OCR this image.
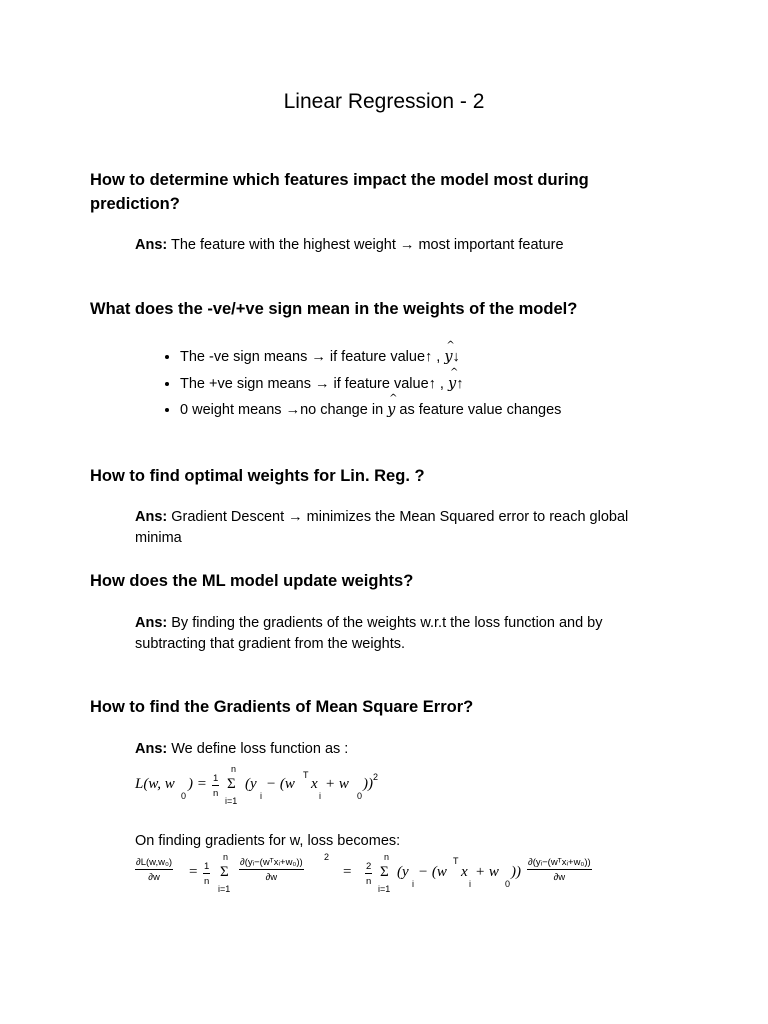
Linear Regression - 2
How to determine which features impact the model most during prediction?
Ans: The feature with the highest weight → most important feature
What does the -ve/+ve sign mean in the weights of the model?
• The -ve sign means → if feature value↑ ,
^
y↓
• The +ve sign means → if feature value↑ ,
^
y↑
• 0 weight means →no change in
^
y as feature value changes
How to find optimal weights for Lin. Reg. ?
Ans: Gradient Descent → minimizes the Mean Squared error to reach global minima
How does the ML model update weights?
Ans: By finding the gradients of the weights w.r.t the loss function and by subtracting that gradient from the weights.
How to find the Gradients of Mean Square Error?
Ans: We define loss function as :
L(w, w
0
) = $\frac{1}{n}$
n
Σ
i=1
(y
i
− (w
T
x
i
+ w
0
)) 2
On finding gradients for w, loss becomes:
$\frac{\text{∂L(w,w₀)}}{\partial w} = \frac{1}{n}$
n
Σ
i=1
∂(yᵢ−(wᵀxᵢ+w₀))
∂w
2
= $\frac{2}{n}$
n
Σ
i=1
(y
i
− (w
T
x
i
+ w
0
))
∂(yᵢ−(wᵀxᵢ+w₀))
∂w
